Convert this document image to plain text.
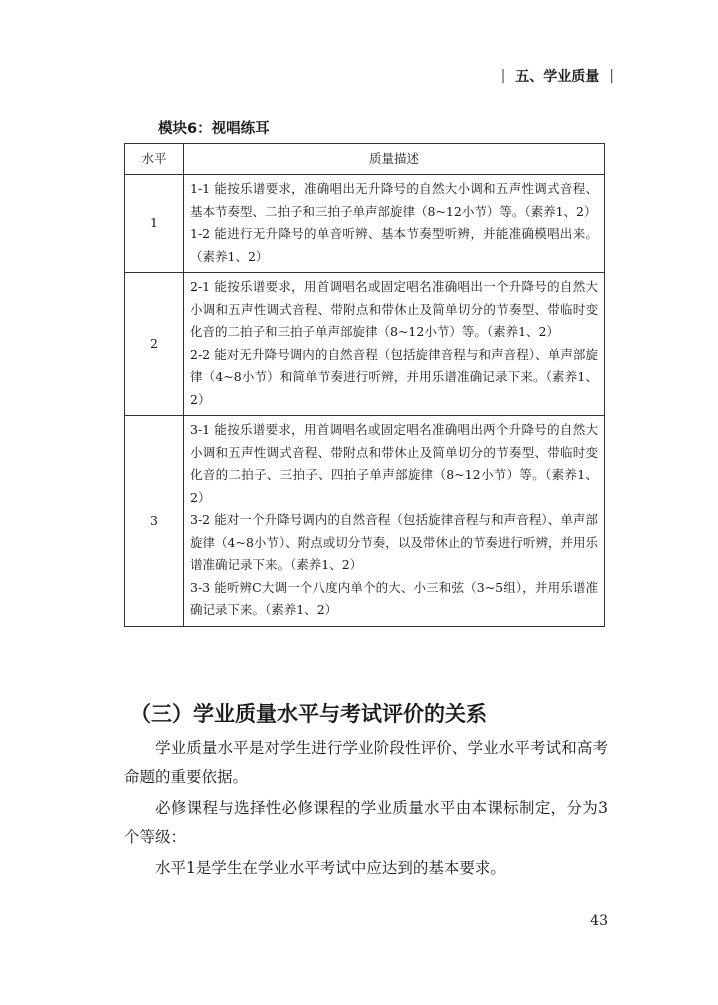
| 五、学业质量 |
模块6：视唱练耳
水平	质量描述
1	1-1 能按乐谱要求，准确唱出无升降号的自然大小调和五声性调式音程、基本节奏型、二拍子和三拍子单声部旋律（8~12小节）等。（素养1、2）

1-2 能进行无升降号的单音听辨、基本节奏型听辨，并能准确模唱出来。（素养1、2）

2	2-1 能按乐谱要求，用首调唱名或固定唱名准确唱出一个升降号的自然大小调和五声性调式音程、带附点和带休止及简单切分的节奏型、带临时变化音的二拍子和三拍子单声部旋律（8~12小节）等。（素养1、2）

2-2 能对无升降号调内的自然音程（包括旋律音程与和声音程）、单声部旋律（4~8小节）和简单节奏进行听辨，并用乐谱准确记录下来。（素养1、2）

3	3-1 能按乐谱要求，用首调唱名或固定唱名准确唱出两个升降号的自然大小调和五声性调式音程、带附点和带休止及简单切分的节奏型、带临时变化音的二拍子、三拍子、四拍子单声部旋律（8~12小节）等。（素养1、2）

3-2 能对一个升降号调内的自然音程（包括旋律音程与和声音程）、单声部旋律（4~8小节）、附点或切分节奏，以及带休止的节奏进行听辨，并用乐谱准确记录下来。（素养1、2）

3-3 能听辨C大调一个八度内单个的大、小三和弦（3~5组），并用乐谱准确记录下来。（素养1、2）

（三）学业质量水平与考试评价的关系

学业质量水平是对学生进行学业阶段性评价、学业水平考试和高考命题的重要依据。

必修课程与选择性必修课程的学业质量水平由本课标制定，分为3个等级：

水平1是学生在学业水平考试中应达到的基本要求。

43
